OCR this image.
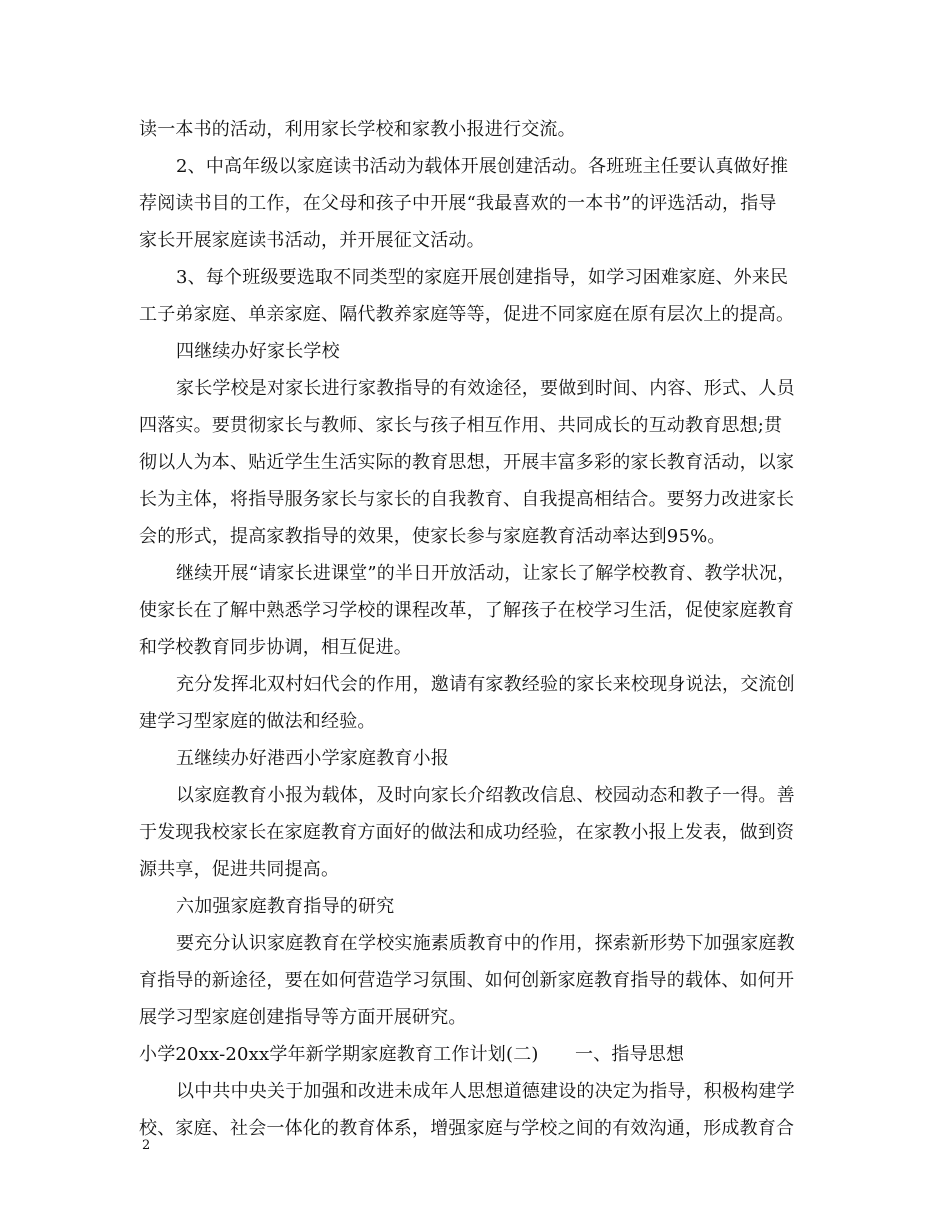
读一本书的活动，利用家长学校和家教小报进行交流。
2、中高年级以家庭读书活动为载体开展创建活动。各班班主任要认真做好推
荐阅读书目的工作，在父母和孩子中开展“我最喜欢的一本书”的评选活动，指导
家长开展家庭读书活动，并开展征文活动。
3、每个班级要选取不同类型的家庭开展创建指导，如学习困难家庭、外来民
工子弟家庭、单亲家庭、隔代教养家庭等等，促进不同家庭在原有层次上的提高。
四继续办好家长学校
家长学校是对家长进行家教指导的有效途径，要做到时间、内容、形式、人员
四落实。要贯彻家长与教师、家长与孩子相互作用、共同成长的互动教育思想;贯
彻以人为本、贴近学生生活实际的教育思想，开展丰富多彩的家长教育活动，以家
长为主体，将指导服务家长与家长的自我教育、自我提高相结合。要努力改进家长
会的形式，提高家教指导的效果，使家长参与家庭教育活动率达到95%。
继续开展“请家长进课堂”的半日开放活动，让家长了解学校教育、教学状况，
使家长在了解中熟悉学习学校的课程改革，了解孩子在校学习生活，促使家庭教育
和学校教育同步协调，相互促进。
充分发挥北双村妇代会的作用，邀请有家教经验的家长来校现身说法，交流创
建学习型家庭的做法和经验。
五继续办好港西小学家庭教育小报
以家庭教育小报为载体，及时向家长介绍教改信息、校园动态和教子一得。善
于发现我校家长在家庭教育方面好的做法和成功经验，在家教小报上发表，做到资
源共享，促进共同提高。
六加强家庭教育指导的研究
要充分认识家庭教育在学校实施素质教育中的作用，探索新形势下加强家庭教
育指导的新途径，要在如何营造学习氛围、如何创新家庭教育指导的载体、如何开
展学习型家庭创建指导等方面开展研究。
小学20xx-20xx学年新学期家庭教育工作计划(二)　　一、指导思想
以中共中央关于加强和改进未成年人思想道德建设的决定为指导，积极构建学
校、家庭、社会一体化的教育体系，增强家庭与学校之间的有效沟通，形成教育合
2
